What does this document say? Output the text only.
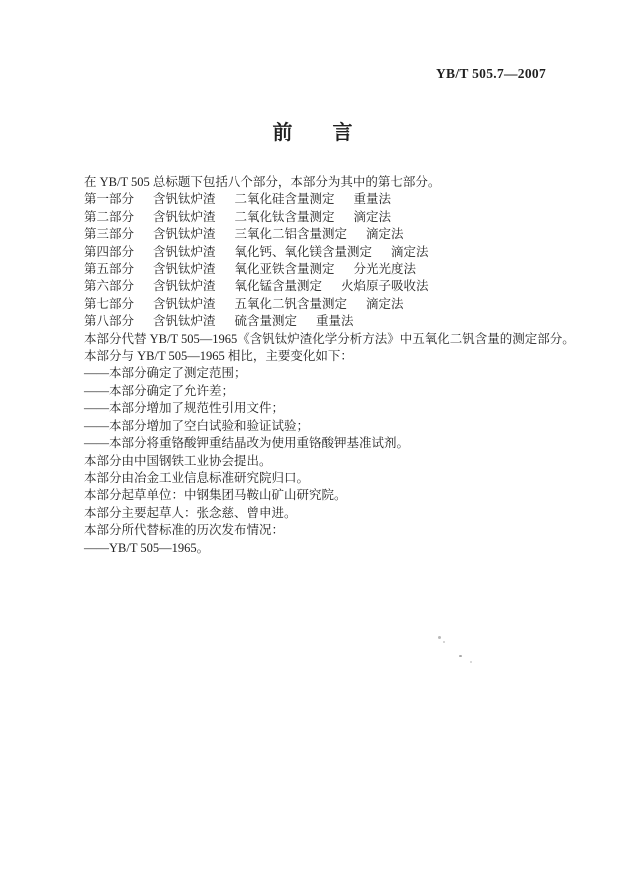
YB/T 505.7—2007
前　　言
在 YB/T 505 总标题下包括八个部分，本部分为其中的第七部分。
第一部分 含钒钛炉渣 二氧化硅含量测定 重量法
第二部分 含钒钛炉渣 二氧化钛含量测定 滴定法
第三部分 含钒钛炉渣 三氧化二铝含量测定 滴定法
第四部分 含钒钛炉渣 氧化钙、氧化镁含量测定 滴定法
第五部分 含钒钛炉渣 氧化亚铁含量测定 分光光度法
第六部分 含钒钛炉渣 氧化锰含量测定 火焰原子吸收法
第七部分 含钒钛炉渣 五氧化二钒含量测定 滴定法
第八部分 含钒钛炉渣 硫含量测定 重量法
本部分代替 YB/T 505—1965《含钒钛炉渣化学分析方法》中五氧化二钒含量的测定部分。
本部分与 YB/T 505—1965 相比，主要变化如下：
——本部分确定了测定范围；
——本部分确定了允许差；
——本部分增加了规范性引用文件；
——本部分增加了空白试验和验证试验；
——本部分将重铬酸钾重结晶改为使用重铬酸钾基准试剂。
本部分由中国钢铁工业协会提出。
本部分由冶金工业信息标准研究院归口。
本部分起草单位：中钢集团马鞍山矿山研究院。
本部分主要起草人：张念慈、曾申进。
本部分所代替标准的历次发布情况：
——YB/T 505—1965。
